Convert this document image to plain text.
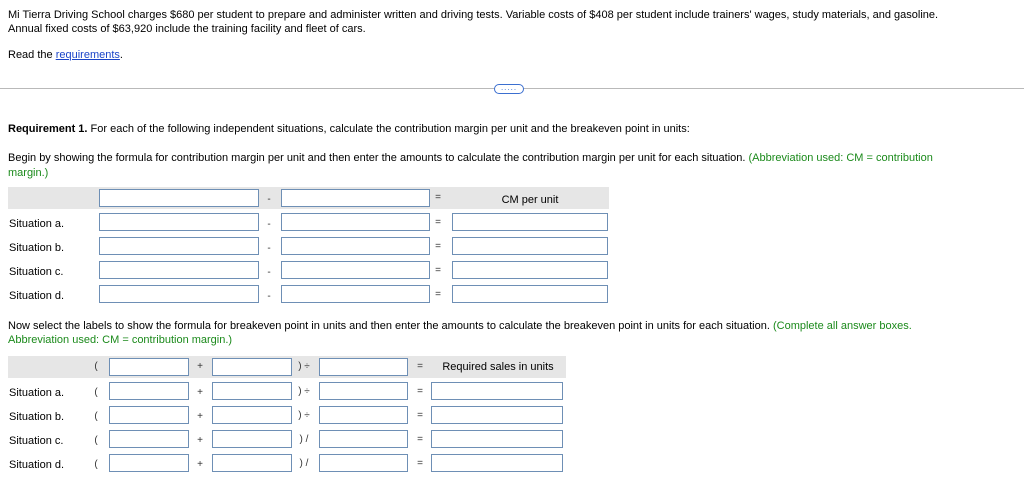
Mi Tierra Driving School charges $680 per student to prepare and administer written and driving tests. Variable costs of $408 per student include trainers' wages, study materials, and gasoline.
Annual fixed costs of $63,920 include the training facility and fleet of cars.
Read the requirements.
.....
Requirement 1. For each of the following independent situations, calculate the contribution margin per unit and the breakeven point in units:
Begin by showing the formula for contribution margin per unit and then enter the amounts to calculate the contribution margin per unit for each situation. (Abbreviation used: CM = contribution
margin.)
-	=	CM per unit
Situation a.	-	=
Situation b.	-	=
Situation c.	-	=
Situation d.	-	=
Now select the labels to show the formula for breakeven point in units and then enter the amounts to calculate the breakeven point in units for each situation. (Complete all answer boxes.
Abbreviation used: CM = contribution margin.)
(	+	) ÷	=	Required sales in units
Situation a.	(	+	) ÷	=
Situation b.	(	+	) ÷	=
Situation c.	(	+	) /	=
Situation d.	(	+	) /	=
